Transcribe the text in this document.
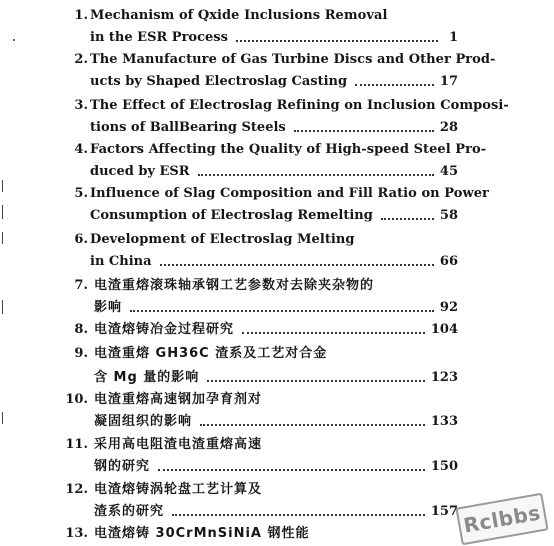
1. Mechanism of Qxide Inclusions Removal
in the ESR Process	1
2. The Manufacture of Gas Turbine Discs and Other Prod-
ucts by Shaped Electroslag Casting	17
3. The Effect of Electroslag Refining on Inclusion Composi-
tions of BallBearing Steels	28
4. Factors Affecting the Quality of High-speed Steel Pro-
duced by ESR	45
5. Influence of Slag Composition and Fill Ratio on Power
Consumption of Electroslag Remelting	58
6. Development of Electroslag Melting
in China	66
7. 电渣重熔滚珠轴承钢工艺参数对去除夹杂物的
影响	92
8. 电渣熔铸冶金过程研究	104
9. 电渣重熔 GH36C 渣系及工艺对合金
含 Mg 量的影响	123
10. 电渣重熔高速钢加孕育剂对
凝固组织的影响	133
11. 采用高电阻渣电渣重熔高速
钢的研究	150
12. 电渣熔铸涡轮盘工艺计算及
渣系的研究	157
13. 电渣熔铸 30CrMnSiNiA 钢性能	Rclbbs
